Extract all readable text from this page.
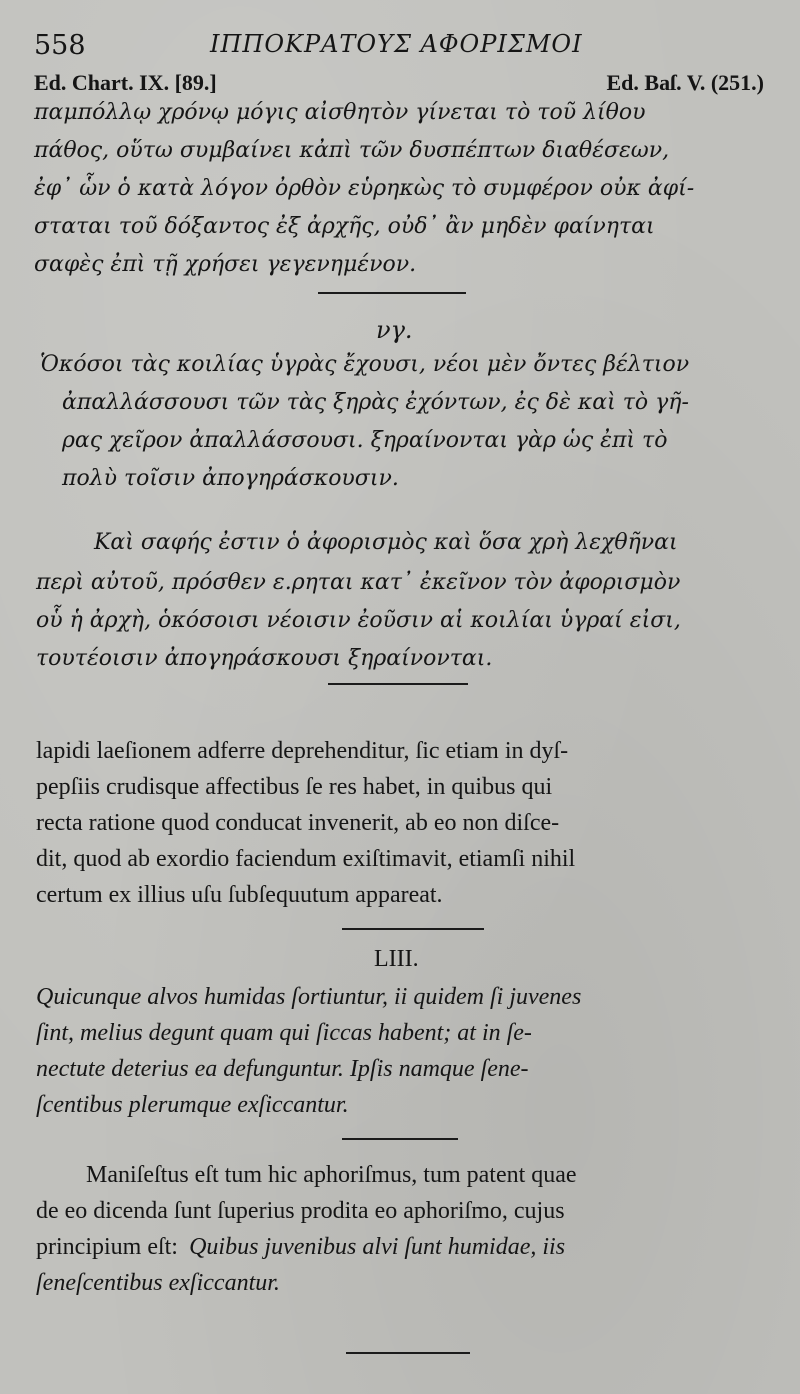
558	ΙΠΠΟΚΡΑΤΟΥΣ ΑΦΟΡΙΣΜΟΙ
Ed. Chart. IX. [89.]	Ed. Baſ. V. (251.)
παμπόλλῳ χρόνῳ μόγις αἰσθητὸν γίνεται τὸ τοῦ λίθου
πάθος, οὕτω συμβαίνει κἀπὶ τῶν δυσπέπτων διαθέσεων,
ἐφ᾽ ὧν ὁ κατὰ λόγον ὀρθὸν εὑρηκὼς τὸ συμφέρον οὐκ ἀφί-
σταται τοῦ δόξαντος ἐξ ἀρχῆς, οὐδ᾽ ἂν μηδὲν φαίνηται
σαφὲς ἐπὶ τῇ χρήσει γεγενημένον.
νγ.
Ὁκόσοι τὰς κοιλίας ὑγρὰς ἔχουσι, νέοι μὲν ὄντες βέλτιον
ἀπαλλάσσουσι τῶν τὰς ξηρὰς ἐχόντων, ἐς δὲ καὶ τὸ γῆ-
ρας χεῖρον ἀπαλλάσσουσι. ξηραίνονται γὰρ ὡς ἐπὶ τὸ
πολὺ τοῖσιν ἀπογηράσκουσιν.
Καὶ σαφής ἐστιν ὁ ἀφορισμὸς καὶ ὅσα χρὴ λεχθῆναι
περὶ αὐτοῦ, πρόσθεν ε.ρηται κατ᾽ ἐκεῖνον τὸν ἀφορισμὸν
οὗ ἡ ἀρχὴ, ὁκόσοισι νέοισιν ἐοῦσιν αἱ κοιλίαι ὑγραί εἰσι,
τουτέοισιν ἀπογηράσκουσι ξηραίνονται.
lapidi laeſionem adferre deprehenditur, ſic etiam in dyſ-
pepſiis crudisque affectibus ſe res habet, in quibus qui
recta ratione quod conducat invenerit, ab eo non diſce-
dit, quod ab exordio faciendum exiſtimavit, etiamſi nihil
certum ex illius uſu ſubſequutum appareat.
LIII.
Quicunque alvos humidas ſortiuntur, ii quidem ſi juvenes
ſint, melius degunt quam qui ſiccas habent; at in ſe-
nectute deterius ea defunguntur. Ipſis namque ſene-
ſcentibus plerumque exſiccantur.
Maniſeſtus eſt tum hic aphoriſmus, tum patent quae
de eo dicenda ſunt ſuperius prodita eo aphoriſmo, cujus
principium eſt: Quibus juvenibus alvi ſunt humidae, iis
ſeneſcentibus exſiccantur.
